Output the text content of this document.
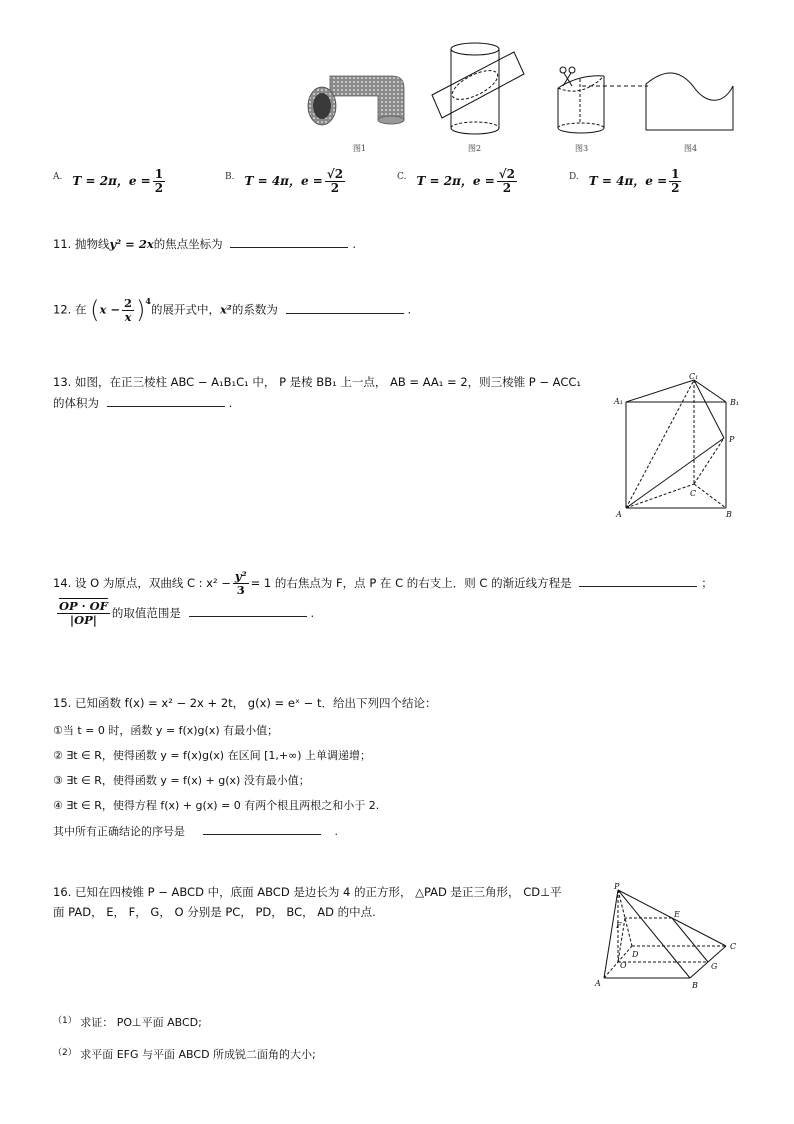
图1	图2	图3	图4
$^{A.}$ T = 2π，$e = \frac{1}{2}$	$^{B.}$ T = 4π，$e = \frac{√2}{2}$	$^{C.}$ T = 2π，$e = \frac{√2}{2}$	$^{D.}$ T = 4π，$e = \frac{1}{2}$
11. 抛物线y² = 2x的焦点坐标为	.
12. 在 $(x - \frac{2}{x} )^4$的展开式中，x²的系数为	.
13. 如图，在正三棱柱 ABC − A₁B₁C₁ 中， P 是棱 BB₁ 上一点， AB = AA₁ = 2，则三棱锥 P − ACC₁
的体积为	.	A₁
C₁
B₁
P
C
A	B
14. 设 O 为原点，双曲线 C : $x^2 - \frac{\text{y²}}{3} = 1$ 的右焦点为 F，点 P 在 C 的右支上．则 C 的渐近线方程是	；
$\frac{OP \cdot OF}{|OP|}$ 的取值范围是	.
15. 已知函数 f(x) = x² − 2x + 2t， g(x) = eˣ − t．给出下列四个结论：
①当 t = 0 时，函数 y = f(x)g(x) 有最小值；
② ∃t ∈ R，使得函数 y = f(x)g(x) 在区间 [1,+∞) 上单调递增；
③ ∃t ∈ R，使得函数 y = f(x) + g(x) 没有最小值；
④ ∃t ∈ R，使得方程 f(x) + g(x) = 0 有两个根且两根之和小于 2.
其中所有正确结论的序号是	.
16. 已知在四棱锥 P − ABCD 中，底面 ABCD 是边长为 4 的正方形， △PAD 是正三角形， CD⊥平
面 PAD， E， F， G， O 分别是 PC， PD， BC， AD 的中点.
P
E
F
D
C
O	G
A	B
$^{(1)}$ 求证： PO⊥平面 ABCD;
$^{(2)}$ 求平面 EFG 与平面 ABCD 所成锐二面角的大小;
